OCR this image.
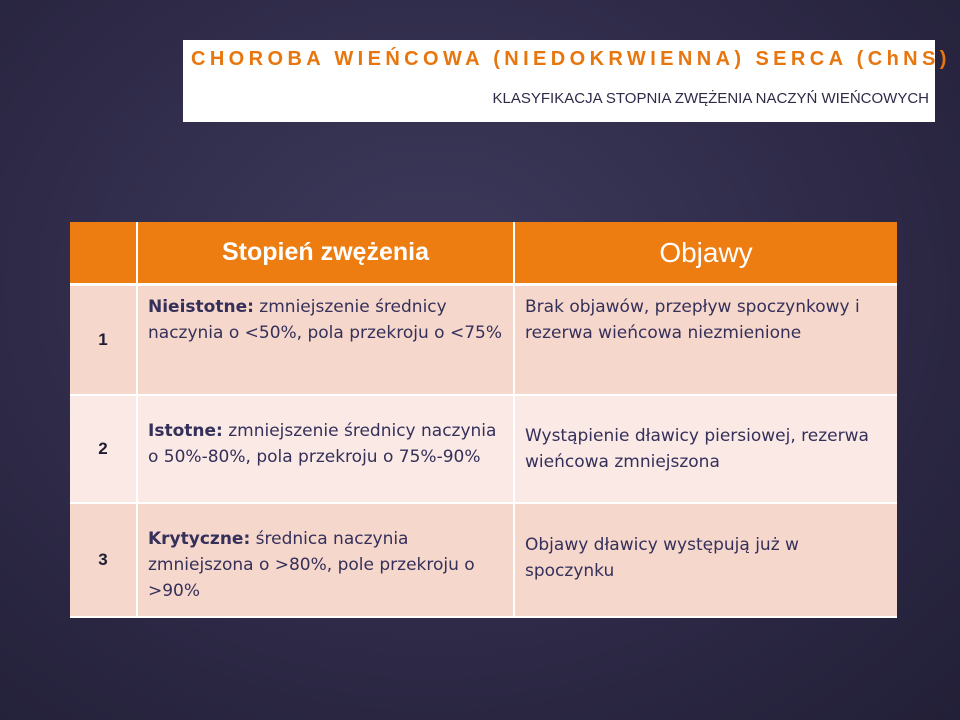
CHOROBA WIEŃCOWA (NIEDOKRWIENNA) SERCA (ChNS)

KLASYFIKACJA STOPNIA ZWĘŻENIA NACZYŃ WIEŃCOWYCH

Stopień zwężenia	Objawy
1
Nieistotne: zmniejszenie średnicy naczynia o <50%, pola przekroju o <75%
Brak objawów, przepływ spoczynkowy i rezerwa wieńcowa niezmienione
2
Istotne: zmniejszenie średnicy naczynia o 50%-80%, pola przekroju o 75%-90%
Wystąpienie dławicy piersiowej, rezerwa wieńcowa zmniejszona
3
Krytyczne: średnica naczynia zmniejszona o >80%, pole przekroju o >90%
Objawy dławicy występują już w spoczynku
